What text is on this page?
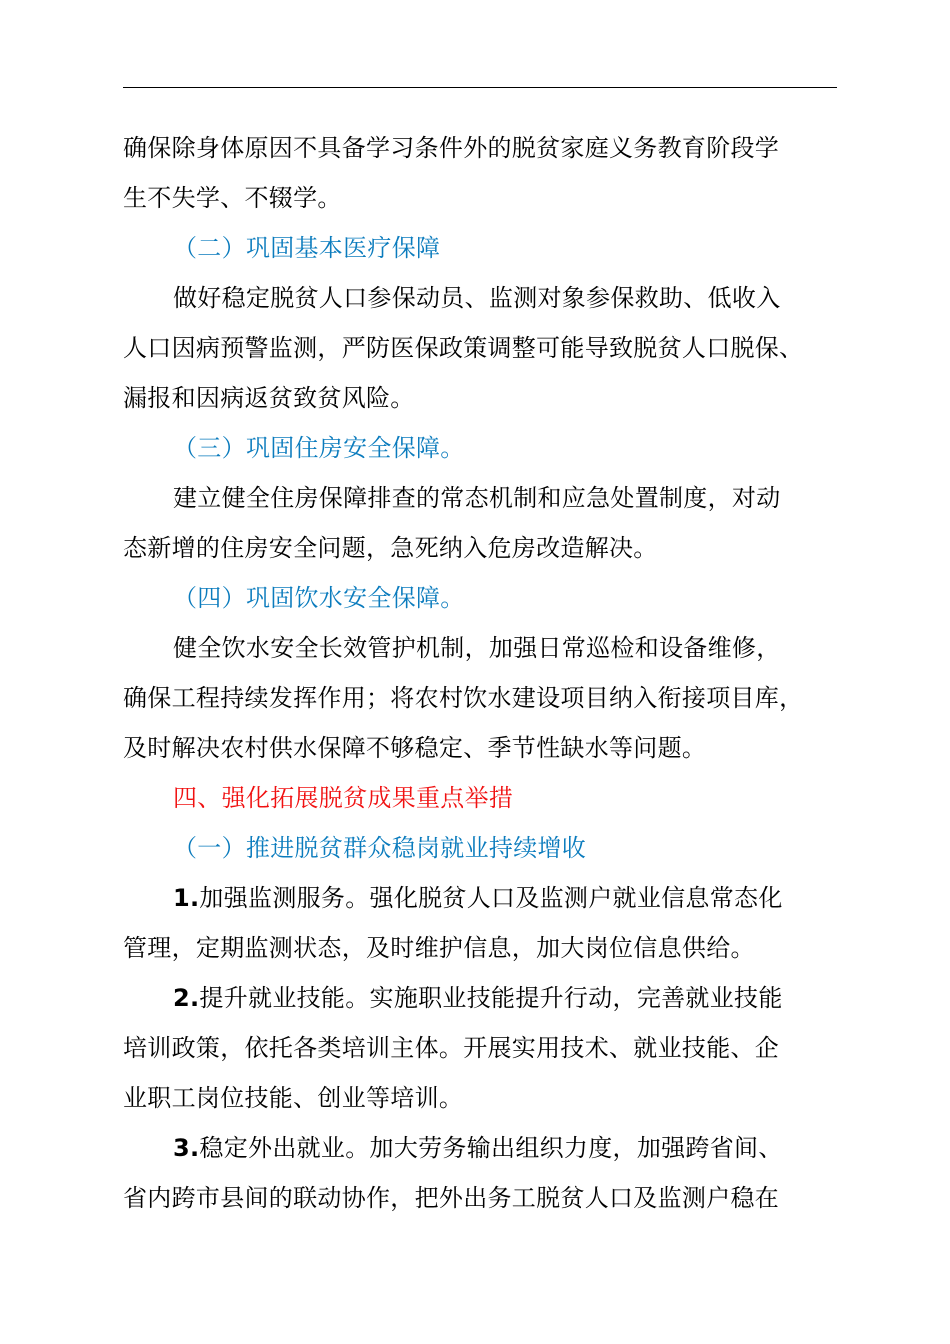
确保除身体原因不具备学习条件外的脱贫家庭义务教育阶段学
生不失学、不辍学。
（二）巩固基本医疗保障
做好稳定脱贫人口参保动员、监测对象参保救助、低收入
人口因病预警监测，严防医保政策调整可能导致脱贫人口脱保、
漏报和因病返贫致贫风险。
（三）巩固住房安全保障。
建立健全住房保障排查的常态机制和应急处置制度，对动
态新增的住房安全问题，急死纳入危房改造解决。
（四）巩固饮水安全保障。
健全饮水安全长效管护机制，加强日常巡检和设备维修，
确保工程持续发挥作用；将农村饮水建设项目纳入衔接项目库，
及时解决农村供水保障不够稳定、季节性缺水等问题。
四、强化拓展脱贫成果重点举措
（一）推进脱贫群众稳岗就业持续增收
1.加强监测服务。强化脱贫人口及监测户就业信息常态化
管理，定期监测状态，及时维护信息，加大岗位信息供给。
2.提升就业技能。实施职业技能提升行动，完善就业技能
培训政策，依托各类培训主体。开展实用技术、就业技能、企
业职工岗位技能、创业等培训。
3.稳定外出就业。加大劳务输出组织力度，加强跨省间、
省内跨市县间的联动协作，把外出务工脱贫人口及监测户稳在
